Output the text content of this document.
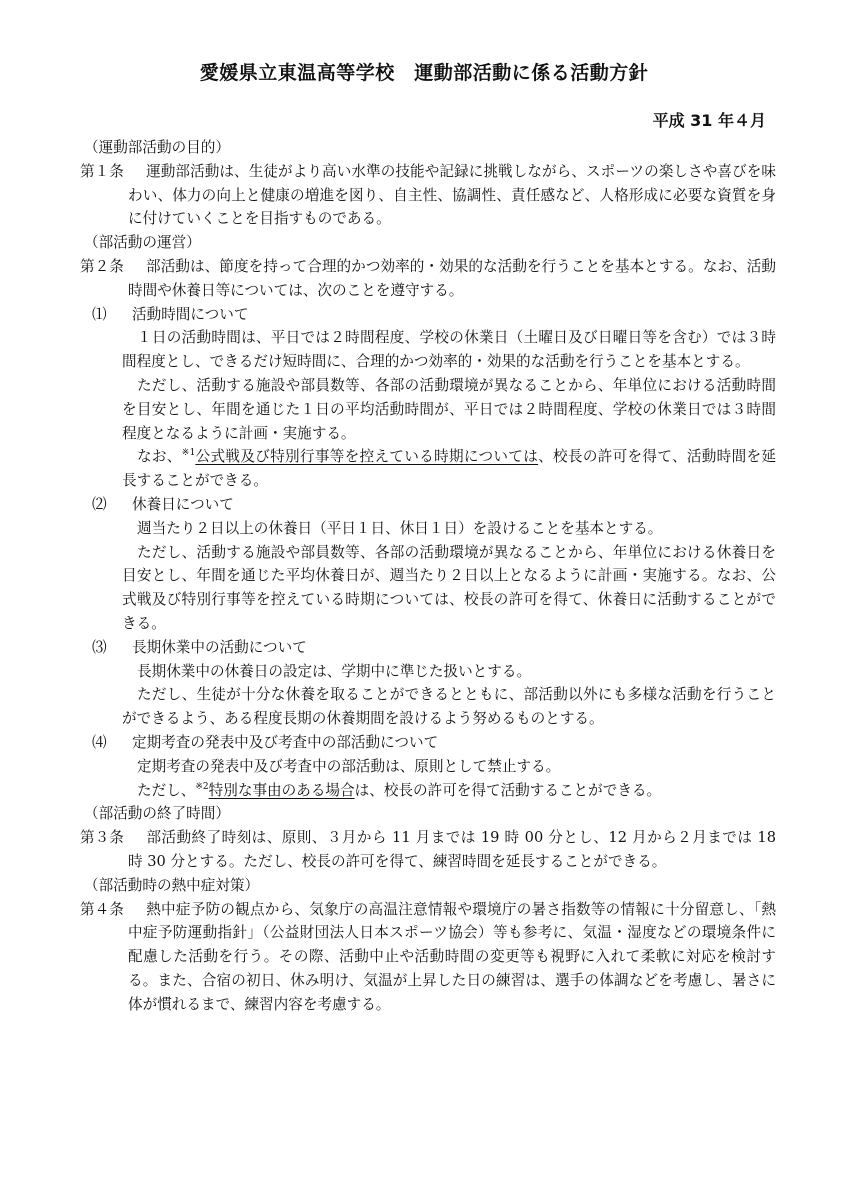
愛媛県立東温高等学校　運動部活動に係る活動方針
平成 31 年４月

（運動部活動の目的）

第１条 運動部活動は、生徒がより高い水準の技能や記録に挑戦しながら、スポーツの楽しさや喜びを味わい、体力の向上と健康の増進を図り、自主性、協調性、責任感など、人格形成に必要な資質を身に付けていくことを目指すものである。

（部活動の運営）

第２条 部活動は、節度を持って合理的かつ効率的・効果的な活動を行うことを基本とする。なお、活動時間や休養日等については、次のことを遵守する。

⑴ 活動時間について

１日の活動時間は、平日では２時間程度、学校の休業日（土曜日及び日曜日等を含む）では３時間程度とし、できるだけ短時間に、合理的かつ効率的・効果的な活動を行うことを基本とする。

ただし、活動する施設や部員数等、各部の活動環境が異なることから、年単位における活動時間を目安とし、年間を通じた１日の平均活動時間が、平日では２時間程度、学校の休業日では３時間程度となるように計画・実施する。

なお、$^{※1}$公式戦及び特別行事等を控えている時期については、校長の許可を得て、活動時間を延長することができる。

⑵ 休養日について

週当たり２日以上の休養日（平日１日、休日１日）を設けることを基本とする。

ただし、活動する施設や部員数等、各部の活動環境が異なることから、年単位における休養日を目安とし、年間を通じた平均休養日が、週当たり２日以上となるように計画・実施する。なお、公式戦及び特別行事等を控えている時期については、校長の許可を得て、休養日に活動することができる。

⑶ 長期休業中の活動について

長期休業中の休養日の設定は、学期中に準じた扱いとする。

ただし、生徒が十分な休養を取ることができるとともに、部活動以外にも多様な活動を行うことができるよう、ある程度長期の休養期間を設けるよう努めるものとする。

⑷ 定期考査の発表中及び考査中の部活動について

定期考査の発表中及び考査中の部活動は、原則として禁止する。

ただし、$^{※2}$特別な事由のある場合は、校長の許可を得て活動することができる。

（部活動の終了時間）

第３条 部活動終了時刻は、原則、３月から 11 月までは 19 時 00 分とし、12 月から２月までは 18 時 30 分とする。ただし、校長の許可を得て、練習時間を延長することができる。

（部活動時の熱中症対策）

第４条 熱中症予防の観点から、気象庁の高温注意情報や環境庁の暑さ指数等の情報に十分留意し、「熱中症予防運動指針」（公益財団法人日本スポーツ協会）等も参考に、気温・湿度などの環境条件に配慮した活動を行う。その際、活動中止や活動時間の変更等も視野に入れて柔軟に対応を検討する。また、合宿の初日、休み明け、気温が上昇した日の練習は、選手の体調などを考慮し、暑さに体が慣れるまで、練習内容を考慮する。
